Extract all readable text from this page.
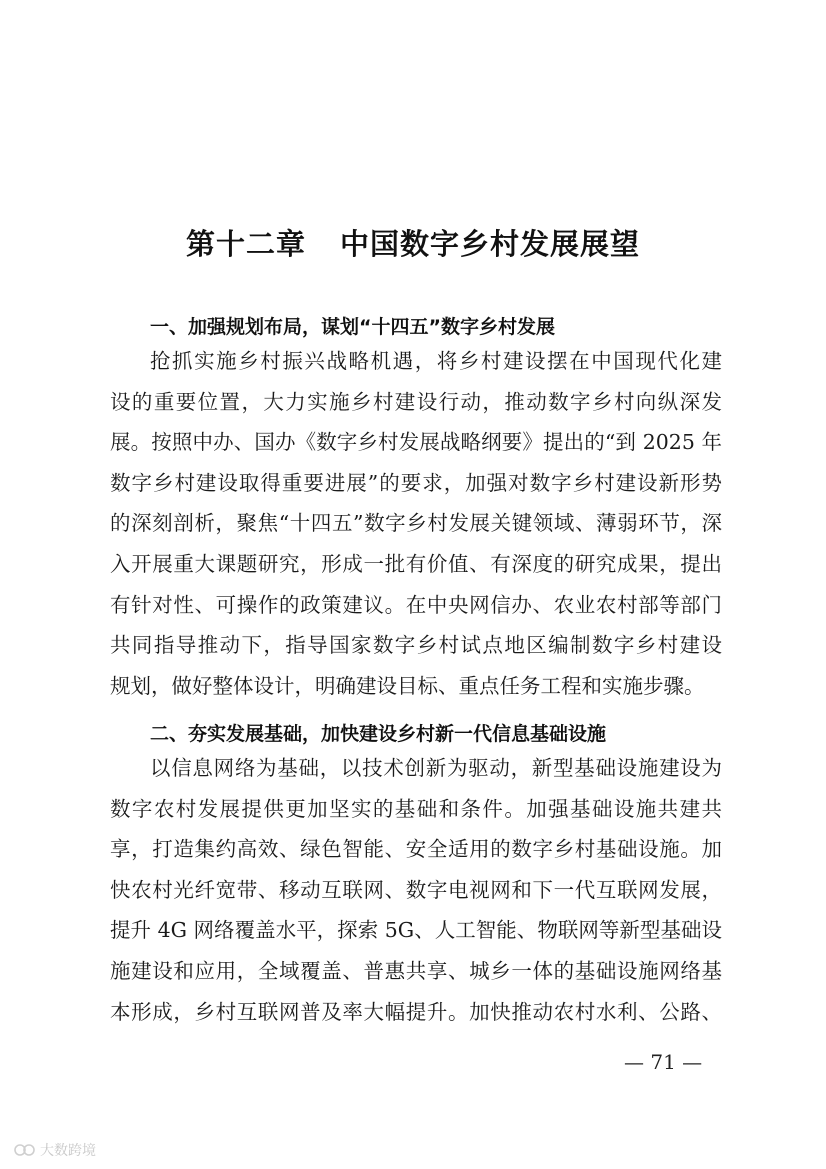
第十二章 中国数字乡村发展展望
一、加强规划布局，谋划“十四五”数字乡村发展
抢抓实施乡村振兴战略机遇，将乡村建设摆在中国现代化建
设的重要位置，大力实施乡村建设行动，推动数字乡村向纵深发
展。按照中办、国办《数字乡村发展战略纲要》提出的“到 2025 年
数字乡村建设取得重要进展”的要求，加强对数字乡村建设新形势
的深刻剖析，聚焦“十四五”数字乡村发展关键领域、薄弱环节，深
入开展重大课题研究，形成一批有价值、有深度的研究成果，提出
有针对性、可操作的政策建议。在中央网信办、农业农村部等部门
共同指导推动下，指导国家数字乡村试点地区编制数字乡村建设
规划，做好整体设计，明确建设目标、重点任务工程和实施步骤。
二、夯实发展基础，加快建设乡村新一代信息基础设施
以信息网络为基础，以技术创新为驱动，新型基础设施建设为
数字农村发展提供更加坚实的基础和条件。加强基础设施共建共
享，打造集约高效、绿色智能、安全适用的数字乡村基础设施。加
快农村光纤宽带、移动互联网、数字电视网和下一代互联网发展，
提升 4G 网络覆盖水平，探索 5G、人工智能、物联网等新型基础设
施建设和应用，全域覆盖、普惠共享、城乡一体的基础设施网络基
本形成，乡村互联网普及率大幅提升。加快推动农村水利、公路、
— 71 —
大数跨境
